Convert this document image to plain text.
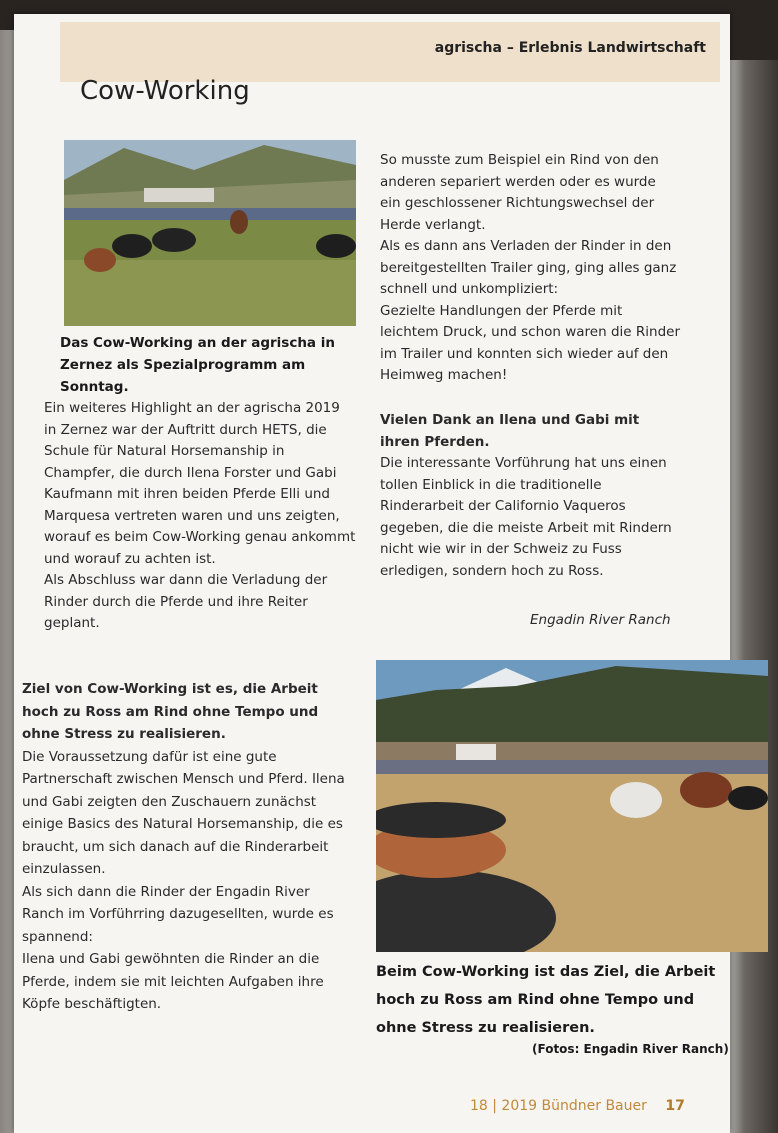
agrischa – Erlebnis Landwirtschaft
Cow-Working
Das Cow-Working an der agrischa in Zernez als Spezialprogramm am Sonntag.

Ein weiteres Highlight an der agrischa 2019 in Zernez war der Auftritt durch HETS, die Schule für Natural Horsemanship in Champfer, die durch Ilena Forster und Gabi Kaufmann mit ihren beiden Pferde Elli und Marquesa vertreten waren und uns zeigten, worauf es beim Cow-Working genau ankommt und worauf zu achten ist.

Als Abschluss war dann die Verladung der Rinder durch die Pferde und ihre Reiter geplant.

Ziel von Cow-Working ist es, die Arbeit hoch zu Ross am Rind ohne Tempo und ohne Stress zu realisieren.

Die Voraussetzung dafür ist eine gute Partnerschaft zwischen Mensch und Pferd. Ilena und Gabi zeigten den Zuschauern zunächst einige Basics des Natural Horsemanship, die es braucht, um sich danach auf die Rinderarbeit einzulassen.

Als sich dann die Rinder der Engadin River Ranch im Vorführring dazugesellten, wurde es spannend:

Ilena und Gabi gewöhnten die Rinder an die Pferde, indem sie mit leichten Aufgaben ihre Köpfe beschäftigten.

So musste zum Beispiel ein Rind von den anderen separiert werden oder es wurde ein geschlossener Richtungswechsel der Herde verlangt.

Als es dann ans Verladen der Rinder in den bereitgestellten Trailer ging, ging alles ganz schnell und unkompliziert:

Gezielte Handlungen der Pferde mit leichtem Druck, und schon waren die Rinder im Trailer und konnten sich wieder auf den Heimweg machen!

Vielen Dank an Ilena und Gabi mit ihren Pferden.

Die interessante Vorführung hat uns einen tollen Einblick in die traditionelle Rinderarbeit der Californio Vaqueros gegeben, die die meiste Arbeit mit Rindern nicht wie wir in der Schweiz zu Fuss erledigen, sondern hoch zu Ross.

Engadin River Ranch
Beim Cow-Working ist das Ziel, die Arbeit hoch zu Ross am Rind ohne Tempo und ohne Stress zu realisieren.
(Fotos: Engadin River Ranch)
18 | 2019 Bündner Bauer 17
